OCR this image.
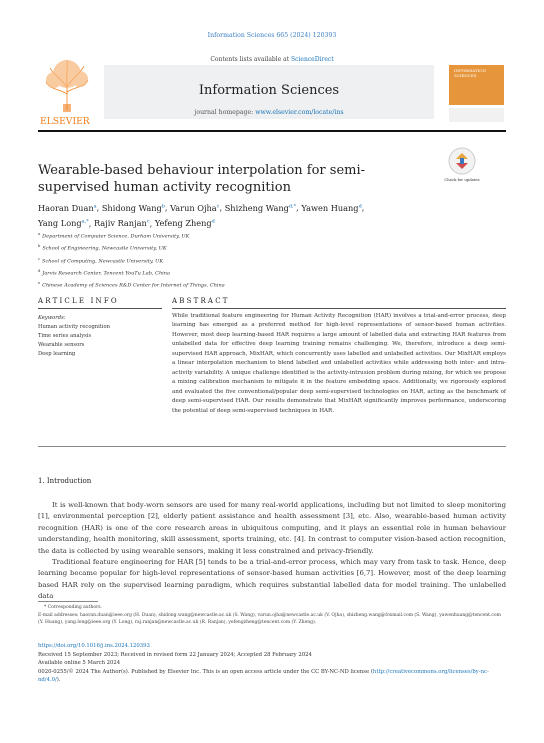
Information Sciences 665 (2024) 120393
ELSEVIER
Contents lists available at ScienceDirect
Information Sciences
journal homepage: www.elsevier.com/locate/ins
INFORMATION SCIENCES
Wearable-based behaviour interpolation for semi-supervised human activity recognition
Check for updates
Haoran Duan$^a$, Shidong Wang$^b$, Varun Ojha$^c$, Shizheng Wang$^{d,*}$, Yawen Huang$^d$,
Yang Long$^{a,*}$, Rajiv Ranjan$^c$, Yefeng Zheng$^d$
$^a$ Department of Computer Science, Durham University, UK
$^b$ School of Engineering, Newcastle University, UK
$^c$ School of Computing, Newcastle University, UK
$^d$ Jarvis Research Center, Tencent YouTu Lab, China
$^e$ Chinese Academy of Sciences R&D Center for Internet of Things, China
ARTICLE INFO	ABSTRACT
Keywords:
Human activity recognition
Time series analysis
Wearable sensors
Deep learning
While traditional feature engineering for Human Activity Recognition (HAR) involves a trial-and-error process, deep learning has emerged as a preferred method for high-level representations of sensor-based human activities. However, most deep learning-based HAR requires a large amount of labelled data and extracting HAR features from unlabelled data for effective deep learning training remains challenging. We, therefore, introduce a deep semi-supervised HAR approach, MixHAR, which concurrently uses labelled and unlabelled activities. Our MixHAR employs a linear interpolation mechanism to blend labelled and unlabelled activities while addressing both inter- and intra-activity variability. A unique challenge identified is the activity-intrusion problem during mixing, for which we propose a mixing calibration mechanism to mitigate it in the feature embedding space. Additionally, we rigorously explored and evaluated the five conventional/popular deep semi-supervised technologies on HAR, acting as the benchmark of deep semi-supervised HAR. Our results demonstrate that MixHAR significantly improves performance, underscoring the potential of deep semi-supervised techniques in HAR.
1. Introduction

It is well-known that body-worn sensors are used for many real-world applications, including but not limited to sleep monitoring [1], environmental perception [2], elderly patient assistance and health assessment [3], etc. Also, wearable-based human activity recognition (HAR) is one of the core research areas in ubiquitous computing, and it plays an essential role in human behaviour understanding, health monitoring, skill assessment, sports training, etc. [4]. In contrast to computer vision-based action recognition, the data is collected by using wearable sensors, making it less constrained and privacy-friendly.

Traditional feature engineering for HAR [5] tends to be a trial-and-error process, which may vary from task to task. Hence, deep learning became popular for high-level representations of sensor-based human activities [6,7]. However, most of the deep learning based HAR rely on the supervised learning paradigm, which requires substantial labelled data for model training. The unlabelled data

* Corresponding authors.
E-mail addresses: haoran.duan@ieee.org (H. Duan), shidong.wang@newcastle.ac.uk (S. Wang), varun.ojha@newcastle.ac.uk (V. Ojha), shizheng.wang@foxmail.com (S. Wang), yawenhuang@tencent.com (Y. Huang), yang.long@ieee.org (Y. Long), raj.ranjan@newcastle.ac.uk (R. Ranjan), yefengzheng@tencent.com (Y. Zheng).
https://doi.org/10.1016/j.ins.2024.120393
Received 15 September 2023; Received in revised form 22 January 2024; Accepted 28 February 2024
Available online 5 March 2024
0020-0255/© 2024 The Author(s). Published by Elsevier Inc. This is an open access article under the CC BY-NC-ND license (http://creativecommons.org/licenses/by-nc-nd/4.0/).
